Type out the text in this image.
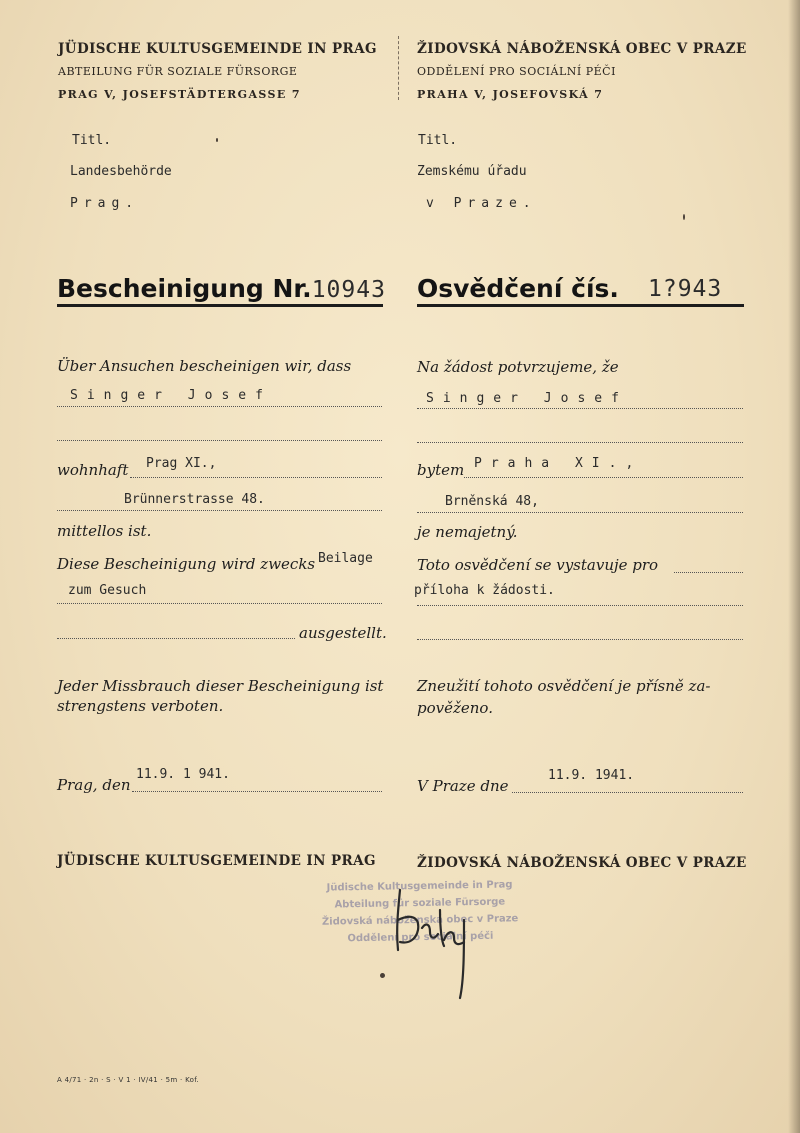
JÜDISCHE KULTUSGEMEINDE IN PRAG
ABTEILUNG FÜR SOZIALE FÜRSORGE
PRAG V, JOSEFSTÄDTERGASSE 7
ŽIDOVSKÁ NÁBOŽENSKÁ OBEC V PRAZE
ODDĚLENÍ PRO SOCIÁLNÍ PÉČI
PRAHA V, JOSEFOVSKÁ 7
Titl.
Landesbehörde
Prag.
Titl.
Zemskému úřadu
v Praze.
Bescheinigung Nr.10943 Osvědčení čís. 1?943
Über Ansuchen bescheinigen wir, dass
Singer Josef
wohnhaft Prag XI.,
Brünnerstrasse 48.
mittellos ist.
Diese Bescheinigung wird zwecks Beilage
zum Gesuch
ausgestellt.
Jeder Missbrauch dieser Bescheinigung ist
strengstens verboten.
Prag, den
11.9. 1 941.
Na žádost potvrzujeme, že
Singer Josef
bytem Praha XI.,
Brněnská 48,
je nemajetný.
Toto osvědčení se vystavuje pro
příloha k žádosti.
Zneužití tohoto osvědčení je přísně za-
pověženo.
V Praze dne
11.9. 1941.
JÜDISCHE KULTUSGEMEINDE IN PRAG	ŽIDOVSKÁ NÁBOŽENSKÁ OBEC V PRAZE
Jüdische Kultusgemeinde in Prag
Abteilung für soziale Fürsorge
Židovská náboženská obec v Praze
Oddělení pro sociální péči
A 4/71 · 2n · S · V 1 · IV/41 · 5m · Kof.
